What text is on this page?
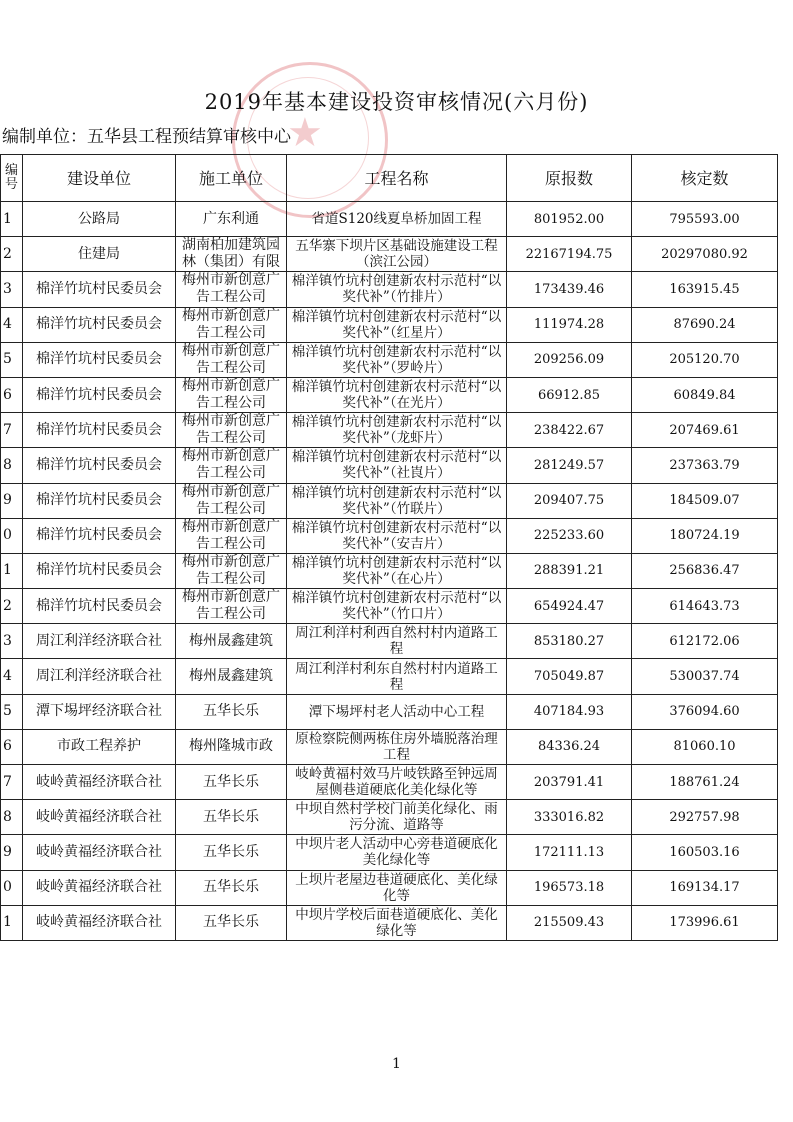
★
2019年基本建设投资审核情况(六月份)
编制单位：五华县工程预结算审核中心
编号	建设单位	施工单位	工程名称	原报数	核定数
1	公路局	广东利通	省道S120线夏阜桥加固工程	801952.00	795593.00
2	住建局	湖南柏加建筑园林（集团）有限	五华寨下坝片区基础设施建设工程（滨江公园）	22167194.75	20297080.92
3	棉洋竹坑村民委员会	梅州市新创意广告工程公司	棉洋镇竹坑村创建新农村示范村“以奖代补”（竹排片）	173439.46	163915.45
4	棉洋竹坑村民委员会	梅州市新创意广告工程公司	棉洋镇竹坑村创建新农村示范村“以奖代补”（红星片）	111974.28	87690.24
5	棉洋竹坑村民委员会	梅州市新创意广告工程公司	棉洋镇竹坑村创建新农村示范村“以奖代补”（罗岭片）	209256.09	205120.70
6	棉洋竹坑村民委员会	梅州市新创意广告工程公司	棉洋镇竹坑村创建新农村示范村“以奖代补”（在光片）	66912.85	60849.84
7	棉洋竹坑村民委员会	梅州市新创意广告工程公司	棉洋镇竹坑村创建新农村示范村“以奖代补”（龙虾片）	238422.67	207469.61
8	棉洋竹坑村民委员会	梅州市新创意广告工程公司	棉洋镇竹坑村创建新农村示范村“以奖代补”（社崀片）	281249.57	237363.79
9	棉洋竹坑村民委员会	梅州市新创意广告工程公司	棉洋镇竹坑村创建新农村示范村“以奖代补”（竹联片）	209407.75	184509.07
0	棉洋竹坑村民委员会	梅州市新创意广告工程公司	棉洋镇竹坑村创建新农村示范村“以奖代补”（安吉片）	225233.60	180724.19
1	棉洋竹坑村民委员会	梅州市新创意广告工程公司	棉洋镇竹坑村创建新农村示范村“以奖代补”（在心片）	288391.21	256836.47
2	棉洋竹坑村民委员会	梅州市新创意广告工程公司	棉洋镇竹坑村创建新农村示范村“以奖代补”（竹口片）	654924.47	614643.73
3	周江利洋经济联合社	梅州晟鑫建筑	周江利洋村利西自然村村内道路工程	853180.27	612172.06
4	周江利洋经济联合社	梅州晟鑫建筑	周江利洋村利东自然村村内道路工程	705049.87	530037.74
5	潭下埸坪经济联合社	五华长乐	潭下埸坪村老人活动中心工程	407184.93	376094.60
6	市政工程养护	梅州隆城市政	原检察院侧两栋住房外墙脱落治理工程	84336.24	81060.10
7	岐岭黄福经济联合社	五华长乐	岐岭黄福村效马片岐铁路至钟远周屋侧巷道硬底化美化绿化等	203791.41	188761.24
8	岐岭黄福经济联合社	五华长乐	中坝自然村学校门前美化绿化、雨污分流、道路等	333016.82	292757.98
9	岐岭黄福经济联合社	五华长乐	中坝片老人活动中心旁巷道硬底化美化绿化等	172111.13	160503.16
0	岐岭黄福经济联合社	五华长乐	上坝片老屋边巷道硬底化、美化绿化等	196573.18	169134.17
1	岐岭黄福经济联合社	五华长乐	中坝片学校后面巷道硬底化、美化绿化等	215509.43	173996.61
1
